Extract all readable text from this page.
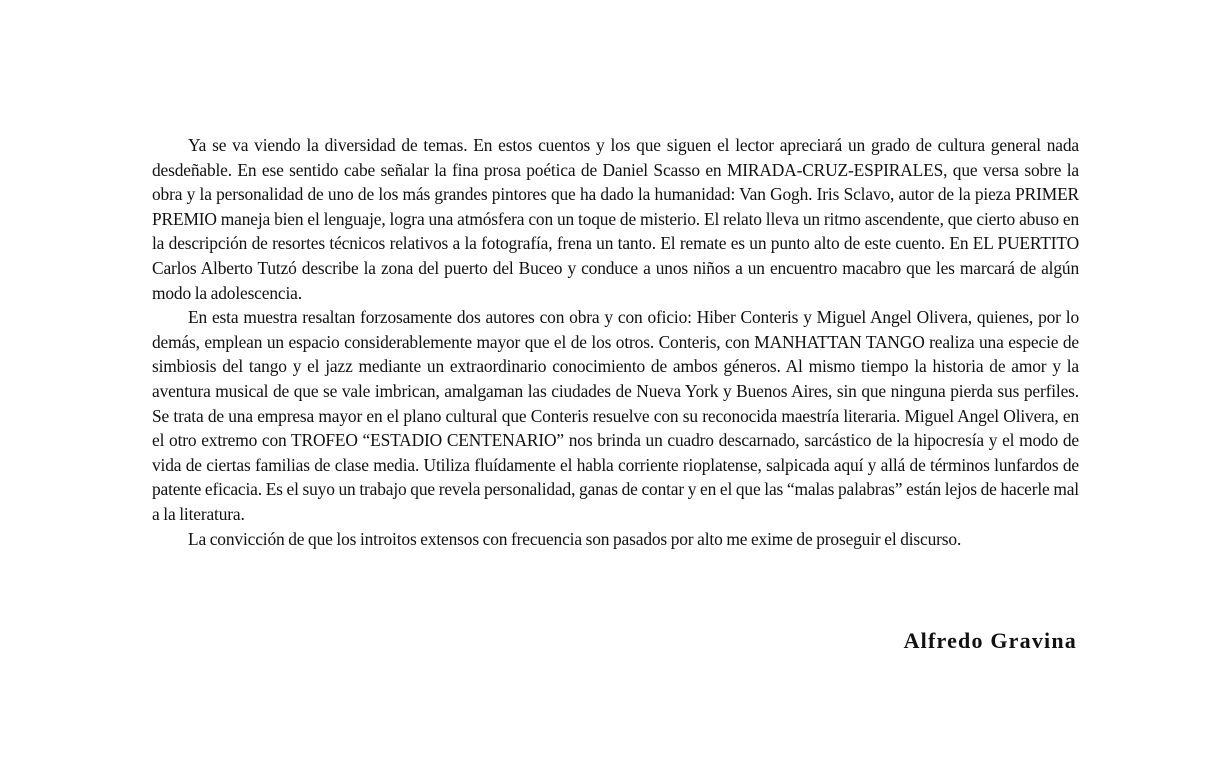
Ya se va viendo la diversidad de temas. En estos cuentos y los que siguen el lector apreciará un grado de cultura general nada desdeñable. En ese sentido cabe señalar la fina prosa poética de Daniel Scasso en MIRADA-CRUZ-ESPIRALES, que versa sobre la obra y la personalidad de uno de los más grandes pintores que ha dado la humanidad: Van Gogh. Iris Sclavo, autor de la pieza PRIMER PREMIO maneja bien el lenguaje, logra una atmósfera con un toque de misterio. El relato lleva un ritmo ascendente, que cierto abuso en la descripción de resortes técnicos relativos a la fotografía, frena un tanto. El remate es un punto alto de este cuento. En EL PUERTITO Carlos Alberto Tutzó describe la zona del puerto del Buceo y conduce a unos niños a un encuentro macabro que les marcará de algún modo la adolescencia.

En esta muestra resaltan forzosamente dos autores con obra y con oficio: Hiber Conteris y Miguel Angel Olivera, quienes, por lo demás, emplean un espacio considerablemente mayor que el de los otros. Conteris, con MANHATTAN TANGO realiza una especie de simbiosis del tango y el jazz mediante un extraordinario conocimiento de ambos géneros. Al mismo tiempo la historia de amor y la aventura musical de que se vale imbrican, amalgaman las ciudades de Nueva York y Buenos Aires, sin que ninguna pierda sus perfiles. Se trata de una empresa mayor en el plano cultural que Conteris resuelve con su reconocida maestría literaria. Miguel Angel Olivera, en el otro extremo con TROFEO “ESTADIO CENTENARIO” nos brinda un cuadro descarnado, sarcástico de la hipocresía y el modo de vida de ciertas familias de clase media. Utiliza fluídamente el habla corriente rioplatense, salpicada aquí y allá de términos lunfardos de patente eficacia. Es el suyo un trabajo que revela personalidad, ganas de contar y en el que las “malas palabras” están lejos de hacerle mal a la literatura.

La convicción de que los introitos extensos con frecuencia son pasados por alto me exime de proseguir el discurso.

Alfredo Gravina
